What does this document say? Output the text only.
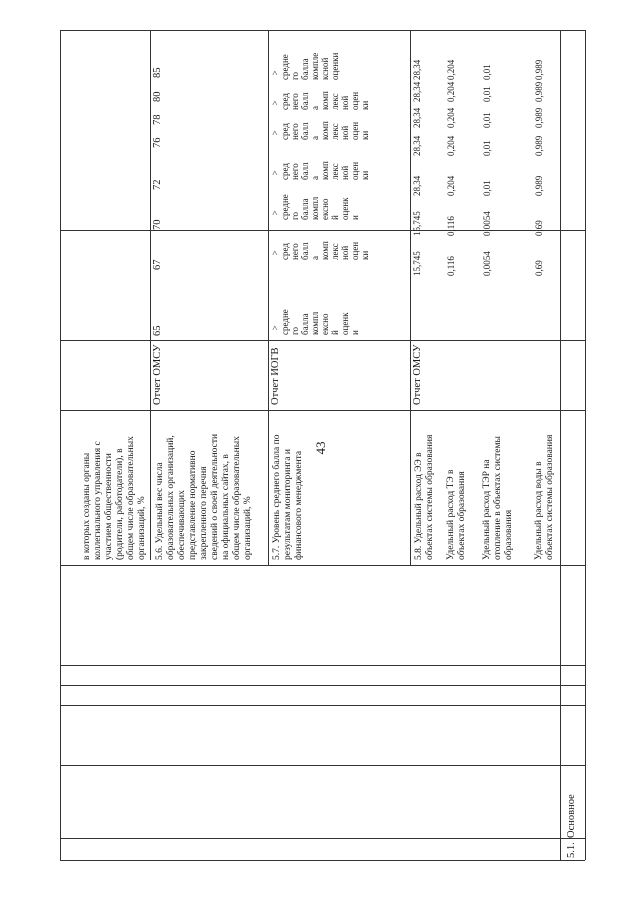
43
65
67
70
72
76
78
80
85
в которых созданы органы
коллегиального управления с
участием общественности
(родители, работодатели), в
общем числе образовательных
организаций, %
5.6. Удельный вес числа
образовательных организаций,
обеспечивающих
представление нормативно
закрепленного перечня
сведений о своей деятельности
на официальных сайтах, в
общем числе образовательных
организаций, %
Отчет ОМСУ
5.7. Уровень среднего балла по
результатам мониторинга и
финансового менеджмента
Отчет ИОГВ
>
средне
го
балла
компл
ексно
й
оценк
и
>
сред
него
балл
а
комп
лекс
ной
оцен
ки
>
средне
го
балла
компл
ексно
й
оценк
и
>
сред
него
балл
а
комп
лекс
ной
оцен
ки
>
сред
него
балл
а
комп
лекс
ной
оцен
ки
>
сред
него
балл
а
комп
лекс
ной
оцен
ки
>
средне
го
балла
компле
ксной
оценки
Отчет ОМСУ
5.8. Удельный расход ЭЭ в
объектах системы образования
15,745
15,745
28,34
28,34
28,34
28,34
28,34
Удельный расход ТЭ в
объектах образования
0,116
0,116
0,204
0,204
0,204
0,204
0,204
Удельный расход ТЭР на
отопление в объектах системы
образования
0,0054
0,0054
0,01
0,01
0,01
0,01
0,01
Удельный расход воды в
объектах системы образования
0,69
0,69
0,989
0,989
0,989
0,989
0,989
5.1.
Основное
